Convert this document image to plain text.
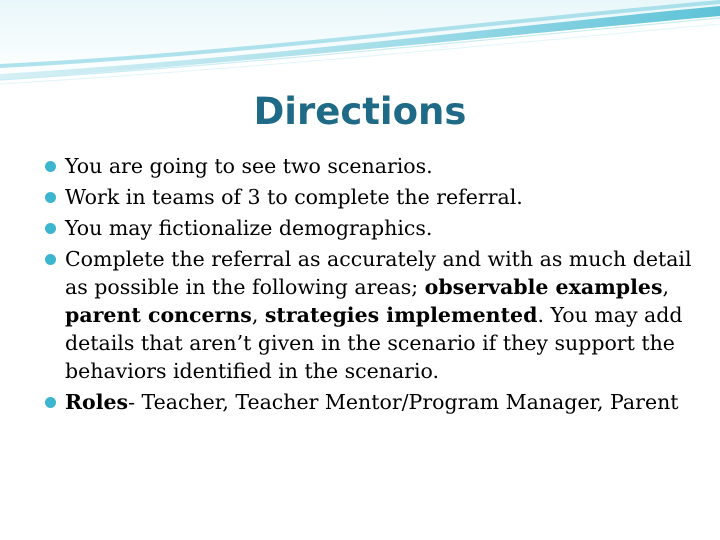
Directions
You are going to see two scenarios.
Work in teams of 3 to complete the referral.
You may fictionalize demographics.
Complete the referral as accurately and with as much detail as possible in the following areas; observable examples, parent concerns, strategies implemented. You may add details that aren’t given in the scenario if they support the behaviors identified in the scenario.
Roles- Teacher, Teacher Mentor/Program Manager, Parent
